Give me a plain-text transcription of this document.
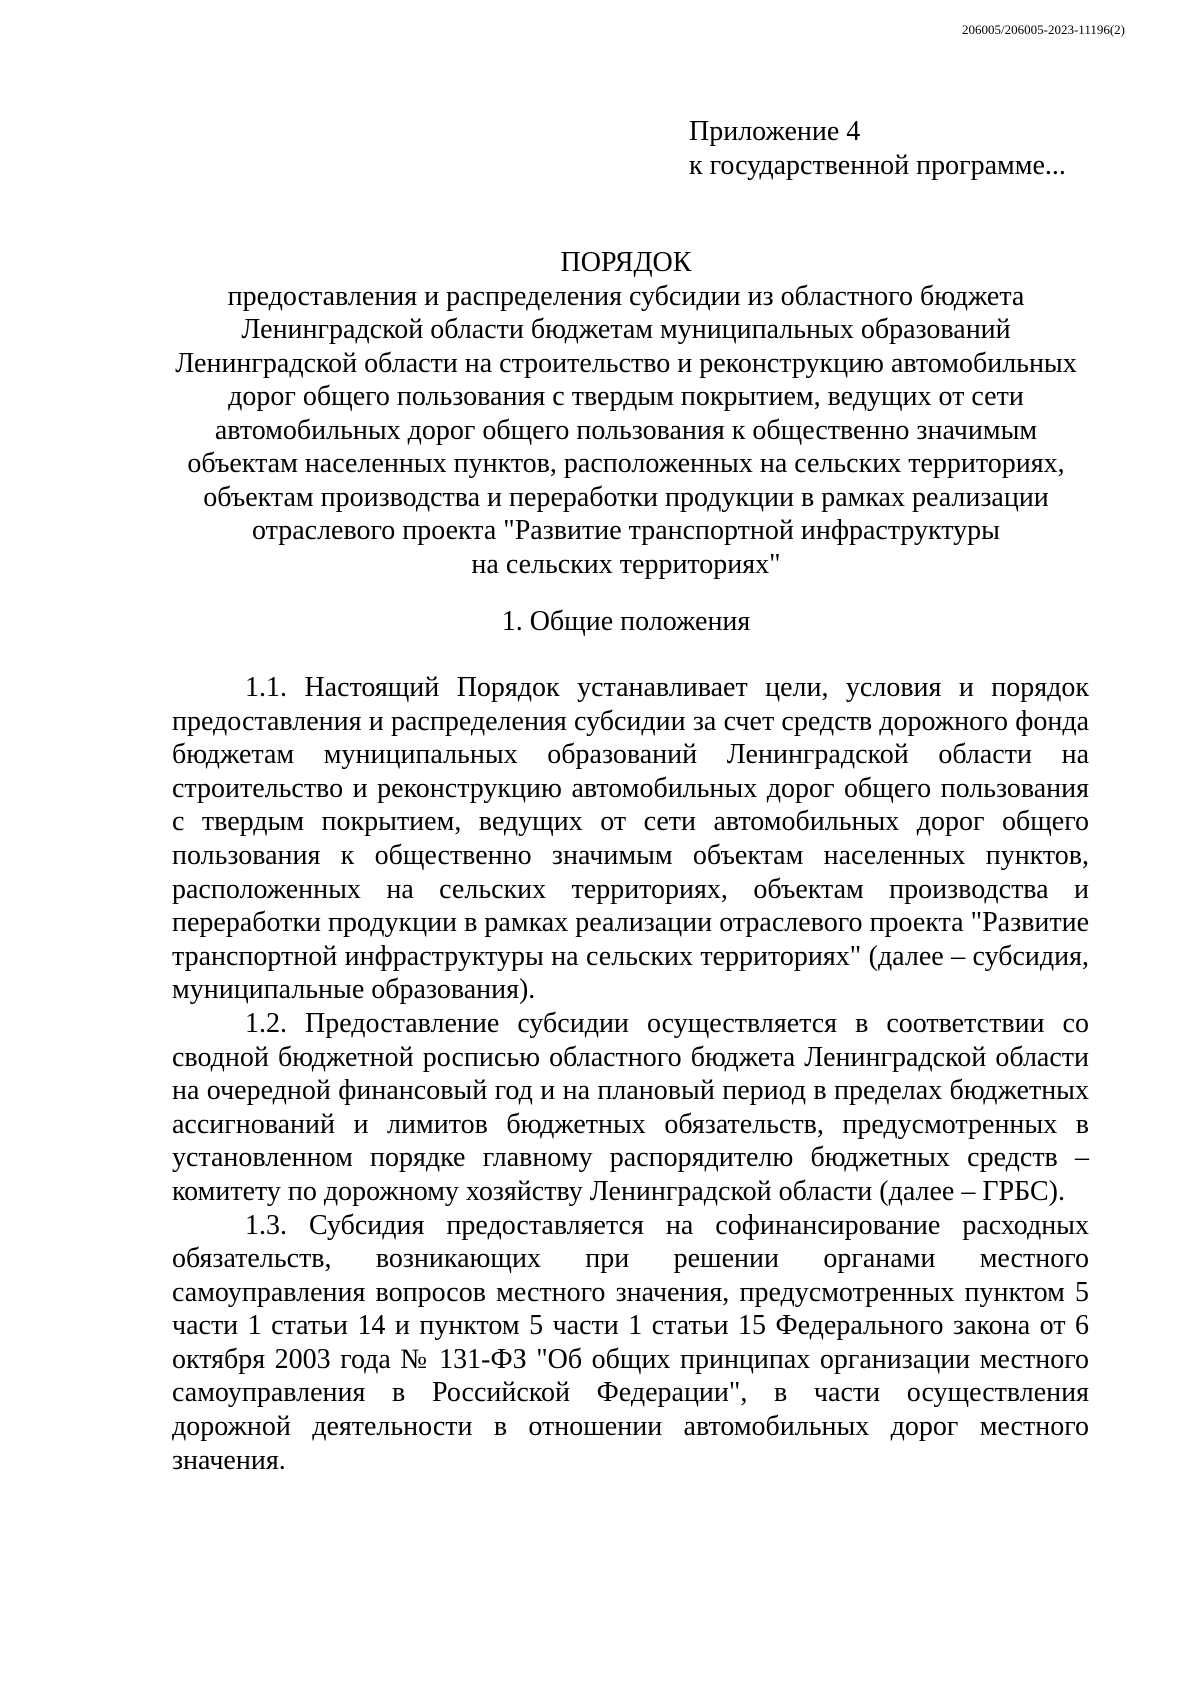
206005/206005-2023-11196(2)
Приложение 4
к государственной программе...
ПОРЯДОК
предоставления и распределения субсидии из областного бюджета
Ленинградской области бюджетам муниципальных образований
Ленинградской области на строительство и реконструкцию автомобильных
дорог общего пользования с твердым покрытием, ведущих от сети
автомобильных дорог общего пользования к общественно значимым
объектам населенных пунктов, расположенных на сельских территориях,
объектам производства и переработки продукции в рамках реализации
отраслевого проекта "Развитие транспортной инфраструктуры
на сельских территориях"
1. Общие положения

1.1. Настоящий Порядок устанавливает цели, условия и порядок предоставления и распределения субсидии за счет средств дорожного фонда бюджетам муниципальных образований Ленинградской области на строительство и реконструкцию автомобильных дорог общего пользования с твердым покрытием, ведущих от сети автомобильных дорог общего пользования к общественно значимым объектам населенных пунктов, расположенных на сельских территориях, объектам производства и переработки продукции в рамках реализации отраслевого проекта "Развитие транспортной инфраструктуры на сельских территориях" (далее – субсидия, муниципальные образования).

1.2. Предоставление субсидии осуществляется в соответствии со сводной бюджетной росписью областного бюджета Ленинградской области на очередной финансовый год и на плановый период в пределах бюджетных ассигнований и лимитов бюджетных обязательств, предусмотренных в установленном порядке главному распорядителю бюджетных средств – комитету по дорожному хозяйству Ленинградской области (далее – ГРБС).

1.3. Субсидия предоставляется на софинансирование расходных обязательств, возникающих при решении органами местного самоуправления вопросов местного значения, предусмотренных пунктом 5 части 1 статьи 14 и пунктом 5 части 1 статьи 15 Федерального закона от 6 октября 2003 года № 131-ФЗ "Об общих принципах организации местного самоуправления в Российской Федерации", в части осуществления дорожной деятельности в отношении автомобильных дорог местного значения.
